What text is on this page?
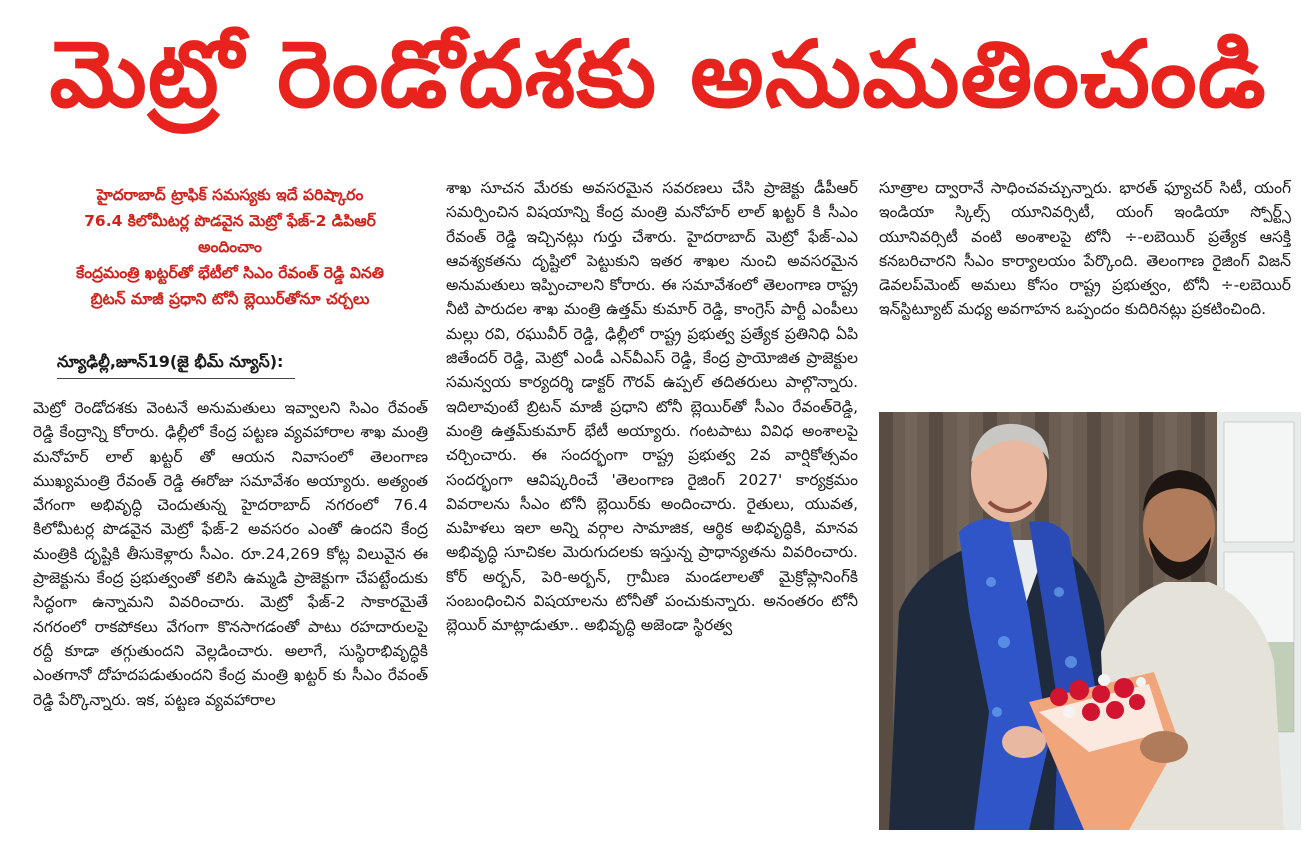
మెట్రో రెండోదశకు అనుమతించండి
హైదరాబాద్ ట్రాఫిక్ సమస్యకు ఇదే పరిష్కారం
76.4 కిలోమీటర్ల పొడవైన మెట్రో ఫేజ్-2 డిపిఆర్
అందించాం
కేంద్రమంత్రి ఖట్టర్‌తో భేటీలో సిఎం రేవంత్ రెడ్డి వినతి
బ్రిటన్ మాజీ ప్రధాని టోనీ బ్లెయిర్‌తోనూ చర్చలు
న్యూఢిల్లీ,జూన్19(జై భీమ్ న్యూస్):

మెట్రో రెండోదశకు వెంటనే అనుమతులు ఇవ్వాలని సిఎం రేవంత్ రెడ్డి కేంద్రాన్ని కోరారు. ఢిల్లీలో కేంద్ర పట్టణ వ్యవహారాల శాఖ మంత్రి మనోహర్ లాల్ ఖట్టర్ తో ఆయన నివాసంలో తెలంగాణ ముఖ్యమంత్రి రేవంత్ రెడ్డి ఈరోజు సమావేశం అయ్యారు. అత్యంత వేగంగా అభివృద్ధి చెందుతున్న హైదరాబాద్ నగరంలో 76.4 కిలోమీటర్ల పొడవైన మెట్రో ఫేజ్-2 అవసరం ఎంతో ఉందని కేంద్ర మంత్రికి దృష్టికి తీసుకెళ్లారు సీఎం. రూ.24,269 కోట్ల విలువైన ఈ ప్రాజెక్టును కేంద్ర ప్రభుత్వంతో కలిసి ఉమ్మడి ప్రాజెక్టుగా చేపట్టేందుకు సిద్ధంగా ఉన్నామని వివరించారు. మెట్రో ఫేజ్-2 సాకారమైతే నగరంలో రాకపోకలు వేగంగా కొనసాగడంతో పాటు రహదారులపై రద్దీ కూడా తగ్గుతుందని వెల్లడించారు. అలాగే, సుస్థిరాభివృద్ధికి ఎంతగానో దోహదపడుతుందని కేంద్ర మంత్రి ఖట్టర్ కు సీఎం రేవంత్ రెడ్డి పేర్కొన్నారు. ఇక, పట్టణ వ్యవహారాల

శాఖ సూచన మేరకు అవసరమైన సవరణలు చేసి ప్రాజెక్టు డీపీఆర్ సమర్పించిన విషయాన్ని కేంద్ర మంత్రి మనోహర్ లాల్ ఖట్టర్ కి సీఎం రేవంత్ రెడ్డి ఇచ్చినట్లు గుర్తు చేశారు. హైదరాబాద్ మెట్రో ఫేజ్-ఎఎ ఆవశ్యకతను దృష్టిలో పెట్టుకుని ఇతర శాఖల నుంచి అవసరమైన అనుమతులు ఇప్పించాలని కోరారు. ఈ సమావేశంలో తెలంగాణ రాష్ట్ర నీటి పారుదల శాఖ మంత్రి ఉత్తమ్ కుమార్ రెడ్డి, కాంగ్రెస్ పార్టీ ఎంపీలు మల్లు రవి, రఘువీర్ రెడ్డి, ఢిల్లీలో రాష్ట్ర ప్రభుత్వ ప్రత్యేక ప్రతినిధి ఏపి జితేందర్ రెడ్డి, మెట్రో ఎండీ ఎన్‌వీఎస్ రెడ్డి, కేంద్ర ప్రాయోజిత ప్రాజెక్టుల సమన్వయ కార్యదర్శి డాక్టర్ గౌరవ్ ఉప్పల్ తదితరులు పాల్గొన్నారు. ఇదిలావుంటే బ్రిటన్ మాజీ ప్రధాని టోనీ బ్లెయిర్‌తో సీఎం రేవంత్‌రెడ్డి, మంత్రి ఉత్తమ్‌కుమార్ భేటీ అయ్యారు. గంటపాటు వివిధ అంశాలపై చర్చించారు. ఈ సందర్భంగా రాష్ట్ర ప్రభుత్వ 2వ వార్షికోత్సవం సందర్భంగా ఆవిష్కరించే 'తెలంగాణ రైజింగ్ 2027' కార్యక్రమం వివరాలను సీఎం టోనీ బ్లెయిర్‌కు అందించారు. రైతులు, యువత, మహిళలు ఇలా అన్ని వర్గాల సామాజిక, ఆర్థిక అభివృద్ధికి, మానవ అభివృద్ధి సూచికల మెరుగుదలకు ఇస్తున్న ప్రాధాన్యతను వివరించారు. కోర్ అర్బన్, పెరి-అర్బన్, గ్రామీణ మండలాలతో మైక్రోప్లానింగ్‌కి సంబంధించిన విషయాలను టోనీతో పంచుకున్నారు. అనంతరం టోనీ బ్లెయిర్ మాట్లాడుతూ.. అభివృద్ధి అజెండా స్థిరత్వ

సూత్రాల ద్వారానే సాధించవచ్చున్నారు. భారత్ ఫ్యూచర్ సిటీ, యంగ్ ఇండియా స్కిల్స్ యూనివర్సిటీ, యంగ్ ఇండియా స్పోర్ట్స్ యూనివర్సిటీ వంటి అంశాలపై టోనీ ÷-లబెయిర్ ప్రత్యేక ఆసక్తి కనబరిచారని సీఎం కార్యాలయం పేర్కొంది. తెలంగాణ రైజింగ్ విజన్ డెవలప్‌మెంట్ అమలు కోసం రాష్ట్ర ప్రభుత్వం, టోనీ ÷-లబెయిర్ ఇన్‌స్టిట్యూట్ మధ్య అవగాహన ఒప్పందం కుదిరినట్లు ప్రకటించింది.
